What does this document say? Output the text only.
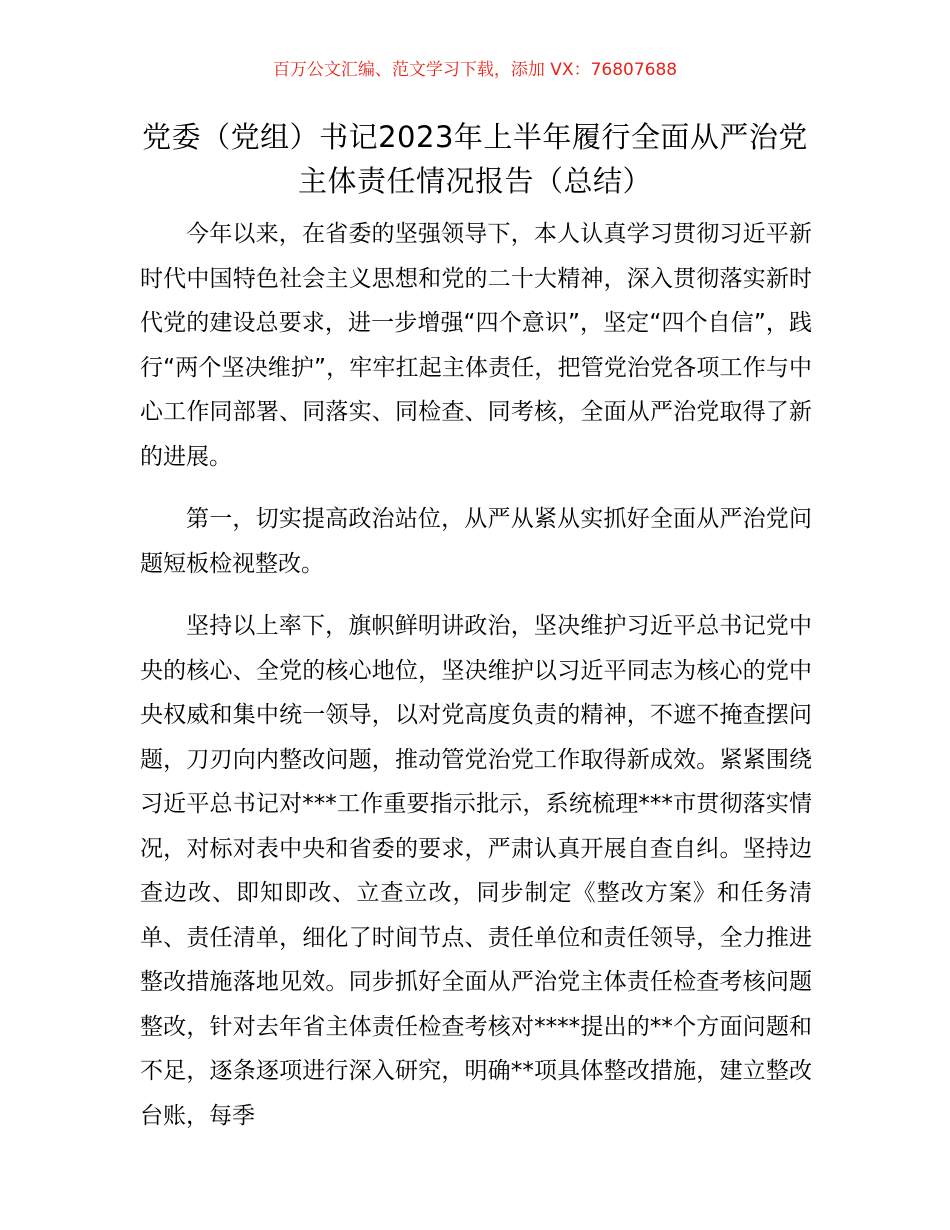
百万公文汇编、范文学习下载，添加 VX：76807688
党委（党组）书记2023年上半年履行全面从严治党主体责任情况报告（总结）

今年以来，在省委的坚强领导下，本人认真学习贯彻习近平新时代中国特色社会主义思想和党的二十大精神，深入贯彻落实新时代党的建设总要求，进一步增强“四个意识”，坚定“四个自信”，践行“两个坚决维护”，牢牢扛起主体责任，把管党治党各项工作与中心工作同部署、同落实、同检查、同考核，全面从严治党取得了新的进展。

第一，切实提高政治站位，从严从紧从实抓好全面从严治党问题短板检视整改。

坚持以上率下，旗帜鲜明讲政治，坚决维护习近平总书记党中央的核心、全党的核心地位，坚决维护以习近平同志为核心的党中央权威和集中统一领导，以对党高度负责的精神，不遮不掩查摆问题，刀刃向内整改问题，推动管党治党工作取得新成效。紧紧围绕习近平总书记对***工作重要指示批示，系统梳理***市贯彻落实情况，对标对表中央和省委的要求，严肃认真开展自查自纠。坚持边查边改、即知即改、立查立改，同步制定《整改方案》和任务清单、责任清单，细化了时间节点、责任单位和责任领导，全力推进整改措施落地见效。同步抓好全面从严治党主体责任检查考核问题整改，针对去年省主体责任检查考核对****提出的**个方面问题和不足，逐条逐项进行深入研究，明确**项具体整改措施，建立整改台账，每季
